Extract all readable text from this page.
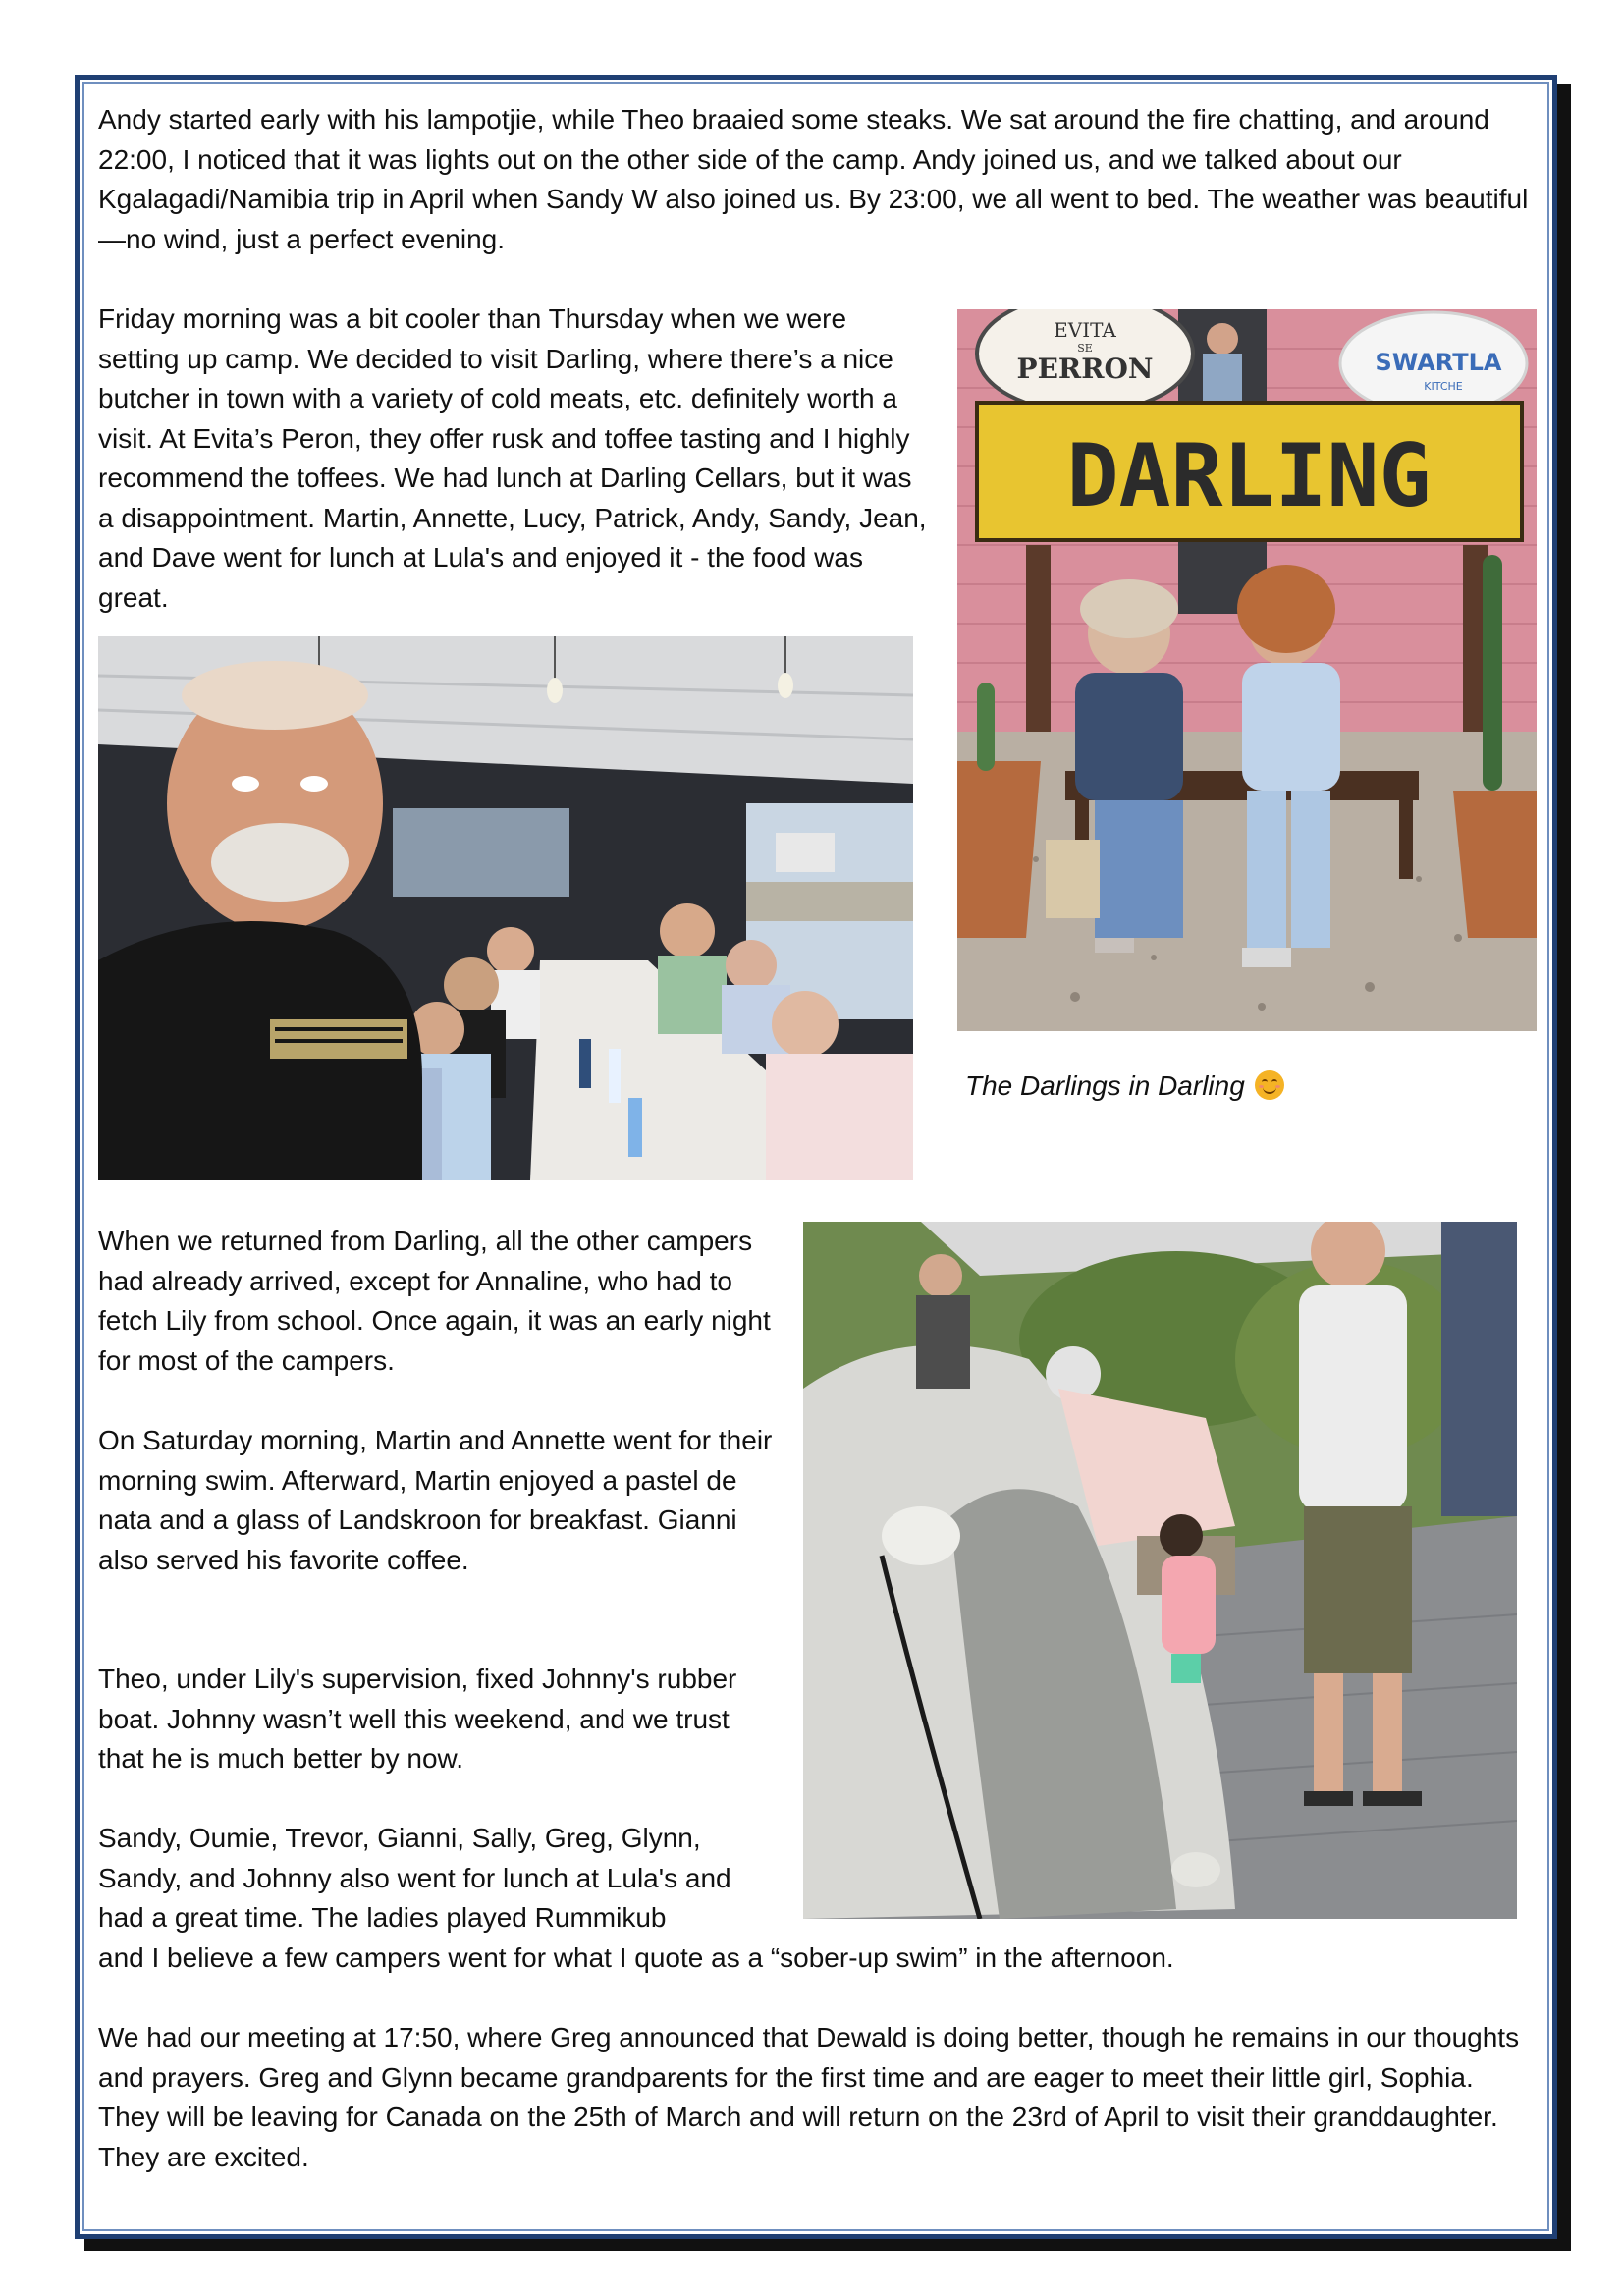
Andy started early with his lampotjie, while Theo braaied some steaks. We sat around the fire chatting, and around 22:00, I noticed that it was lights out on the other side of the camp. Andy joined us, and we talked about our Kgalagadi/Namibia trip in April when Sandy W also joined us. By 23:00, we all went to bed. The weather was beautiful—no wind, just a perfect evening.

Friday morning was a bit cooler than Thursday when we were setting up camp. We decided to visit Darling, where there’s a nice butcher in town with a variety of cold meats, etc. definitely worth a visit. At Evita’s Peron, they offer rusk and toffee tasting and I highly recommend the toffees. We had lunch at Darling Cellars, but it was a disappointment. Martin, Annette, Lucy, Patrick, Andy, Sandy, Jean, and Dave went for lunch at Lula's and enjoyed it - the food was great.

EVITA
SE
PERRON	SWARTLA
KITCHE
DARLING
The Darlings in Darling

When we returned from Darling, all the other campers had already arrived, except for Annaline, who had to fetch Lily from school. Once again, it was an early night for most of the campers.

On Saturday morning, Martin and Annette went for their morning swim. Afterward, Martin enjoyed a pastel de nata and a glass of Landskroon for breakfast. Gianni also served his favorite coffee.

Theo, under Lily's supervision, fixed Johnny's rubber boat. Johnny wasn’t well this weekend, and we trust that he is much better by now.

Sandy, Oumie, Trevor, Gianni, Sally, Greg, Glynn, Sandy, and Johnny also went for lunch at Lula's and had a great time. The ladies played Rummikub

and I believe a few campers went for what I quote as a “sober-up swim” in the afternoon.

We had our meeting at 17:50, where Greg announced that Dewald is doing better, though he remains in our thoughts and prayers. Greg and Glynn became grandparents for the first time and are eager to meet their little girl, Sophia. They will be leaving for Canada on the 25th of March and will return on the 23rd of April to visit their granddaughter. They are excited.
